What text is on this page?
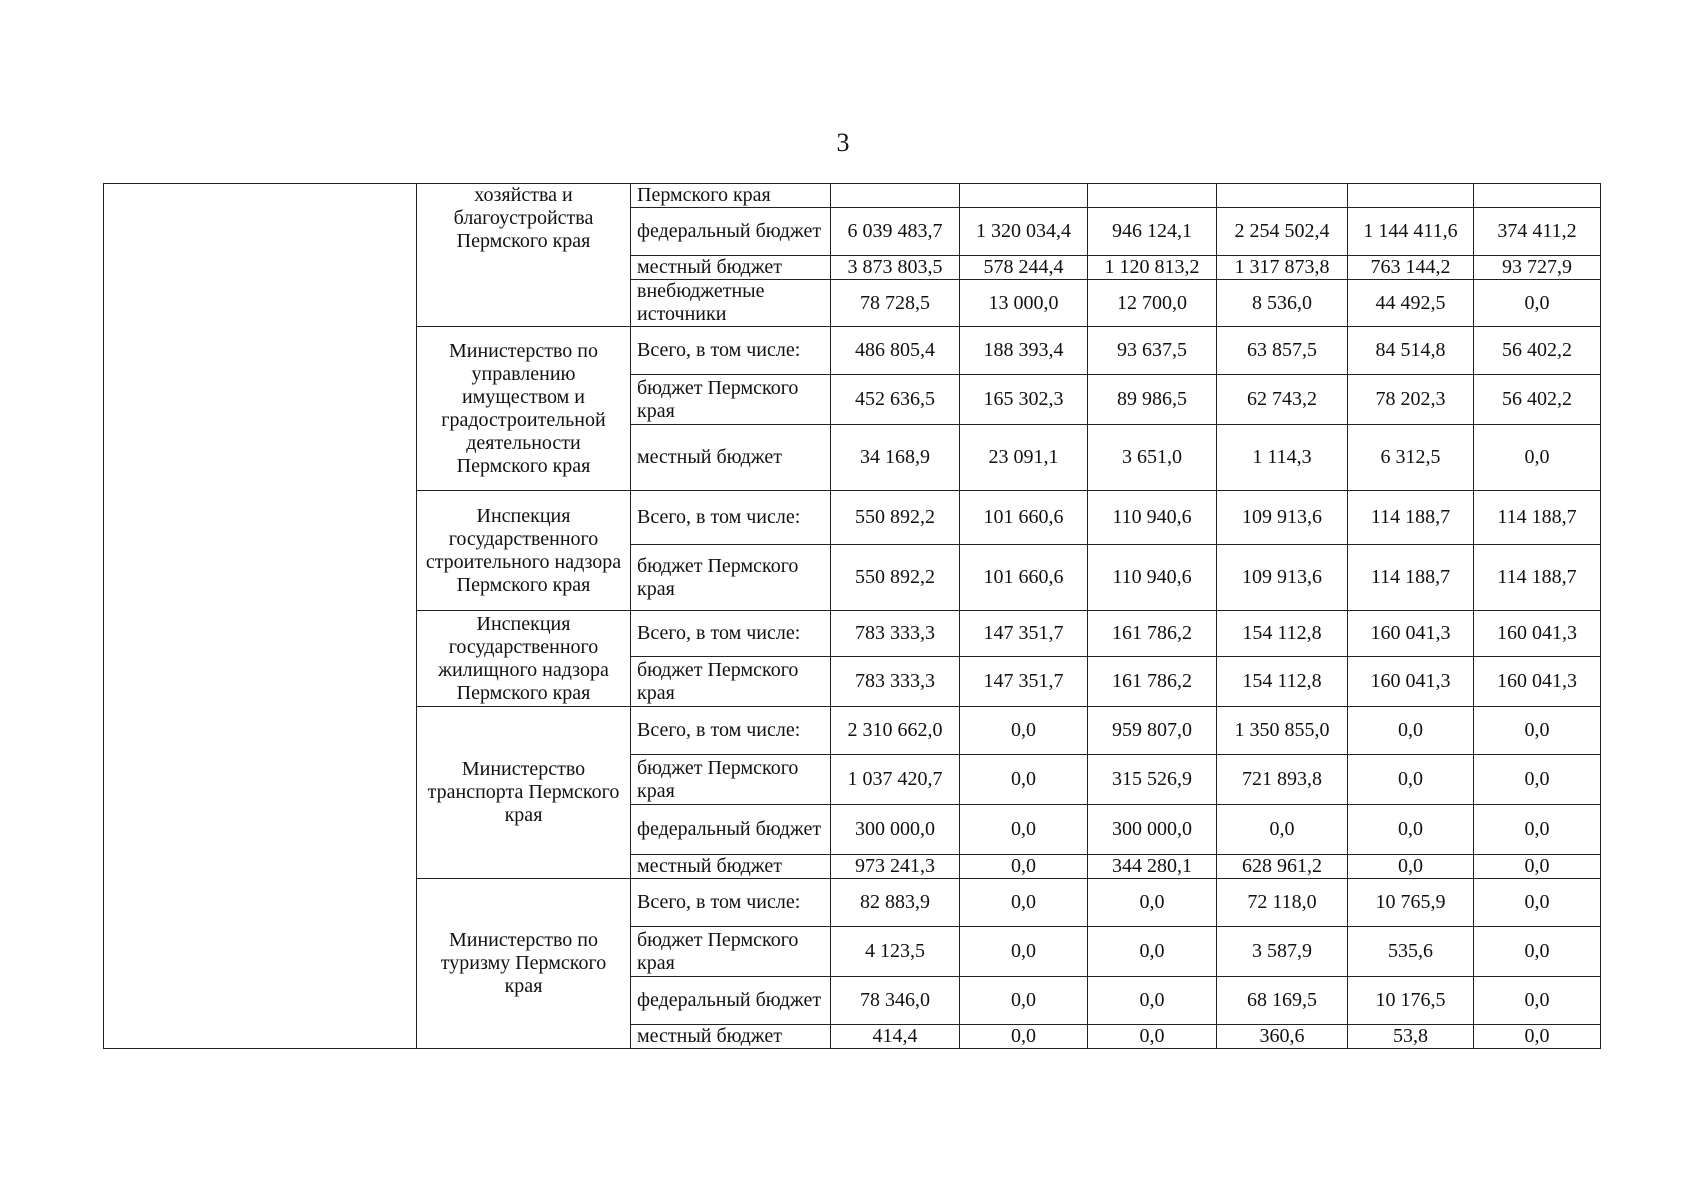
3
	хозяйства и благоустройства Пермского края	Пермского края						
		федеральный бюджет	6 039 483,7	1 320 034,4	946 124,1	2 254 502,4	1 144 411,6	374 411,2
		местный бюджет	3 873 803,5	578 244,4	1 120 813,2	1 317 873,8	763 144,2	93 727,9
		внебюджетные источники	78 728,5	13 000,0	12 700,0	8 536,0	44 492,5	0,0
	Министерство по управлению имуществом и градостроительной деятельности Пермского края	Всего, в том числе:	486 805,4	188 393,4	93 637,5	63 857,5	84 514,8	56 402,2
		бюджет Пермского края	452 636,5	165 302,3	89 986,5	62 743,2	78 202,3	56 402,2
		местный бюджет	34 168,9	23 091,1	3 651,0	1 114,3	6 312,5	0,0
	Инспекция государственного строительного надзора Пермского края	Всего, в том числе:	550 892,2	101 660,6	110 940,6	109 913,6	114 188,7	114 188,7
		бюджет Пермского края	550 892,2	101 660,6	110 940,6	109 913,6	114 188,7	114 188,7
	Инспекция государственного жилищного надзора Пермского края	Всего, в том числе:	783 333,3	147 351,7	161 786,2	154 112,8	160 041,3	160 041,3
		бюджет Пермского края	783 333,3	147 351,7	161 786,2	154 112,8	160 041,3	160 041,3
	Министерство транспорта Пермского края	Всего, в том числе:	2 310 662,0	0,0	959 807,0	1 350 855,0	0,0	0,0
		бюджет Пермского края	1 037 420,7	0,0	315 526,9	721 893,8	0,0	0,0
		федеральный бюджет	300 000,0	0,0	300 000,0	0,0	0,0	0,0
		местный бюджет	973 241,3	0,0	344 280,1	628 961,2	0,0	0,0
	Министерство по туризму Пермского края	Всего, в том числе:	82 883,9	0,0	0,0	72 118,0	10 765,9	0,0
		бюджет Пермского края	4 123,5	0,0	0,0	3 587,9	535,6	0,0
		федеральный бюджет	78 346,0	0,0	0,0	68 169,5	10 176,5	0,0
		местный бюджет	414,4	0,0	0,0	360,6	53,8	0,0
